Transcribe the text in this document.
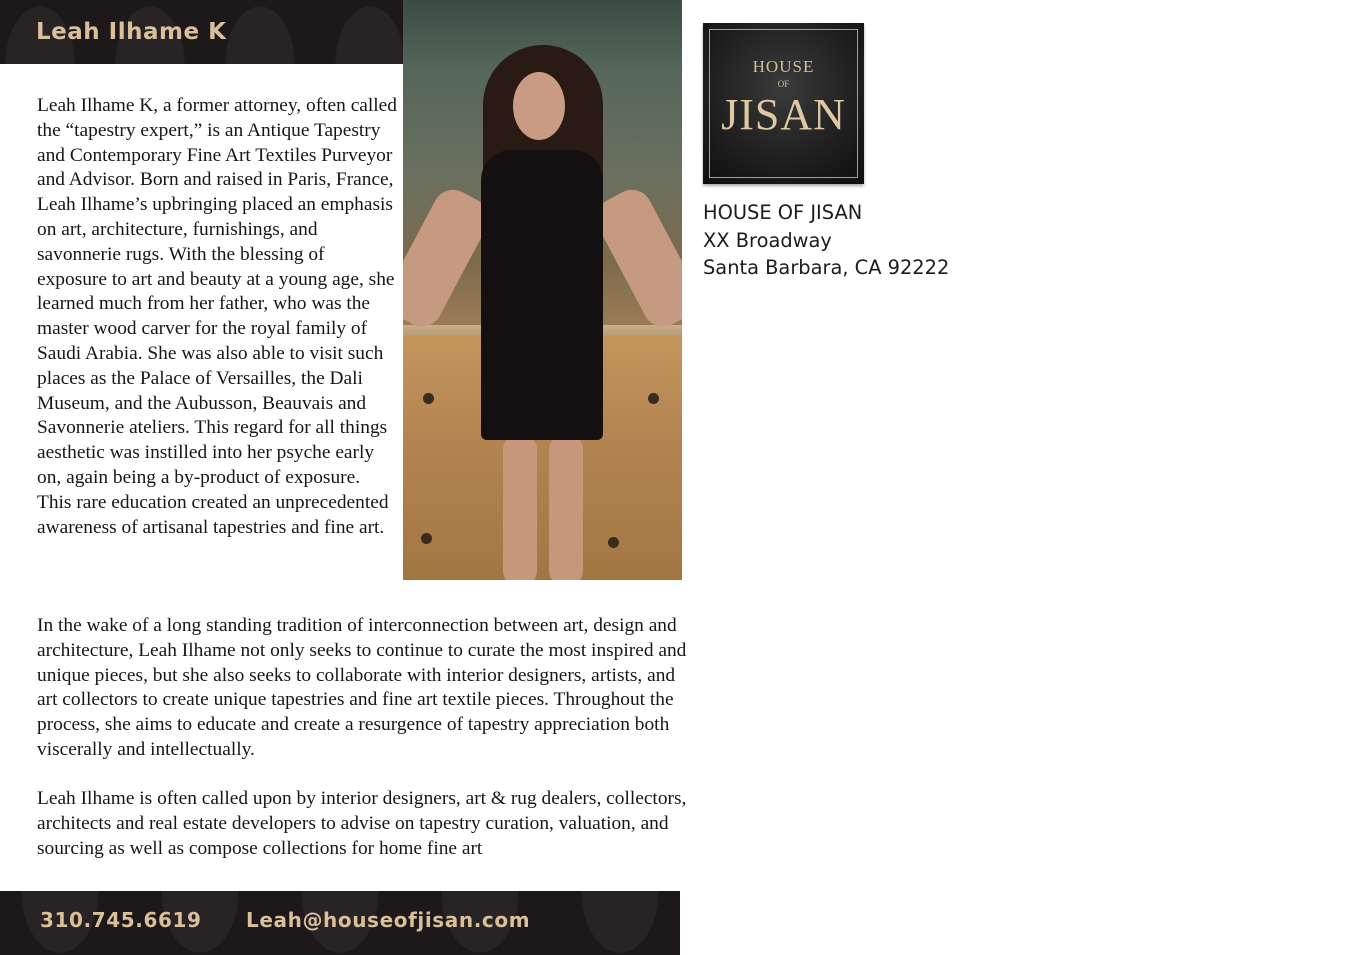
Leah Ilhame K

Leah Ilhame K, a former attorney, often called the “tapestry expert,” is an Antique Tapestry and Contemporary Fine Art Textiles Purveyor and Advisor. Born and raised in Paris, France, Leah Ilhame’s upbringing placed an emphasis on art, architecture, furnishings, and savonnerie rugs. With the blessing of exposure to art and beauty at a young age, she learned much from her father, who was the master wood carver for the royal family of Saudi Arabia. She was also able to visit such places as the Palace of Versailles, the Dali Museum, and the Aubusson, Beauvais and Savonnerie ateliers. This regard for all things aesthetic was instilled into her psyche early on, again being a by-product of exposure. This rare education created an unprecedented awareness of artisanal tapestries and fine art.

In the wake of a long standing tradition of interconnection between art, design and architecture, Leah Ilhame not only seeks to continue to curate the most inspired and unique pieces, but she also seeks to collaborate with interior designers, artists, and art collectors to create unique tapestries and fine art textile pieces. Throughout the process, she aims to educate and create a resurgence of tapestry appreciation both viscerally and intellectually.

Leah Ilhame is often called upon by interior designers, art & rug dealers, collectors, architects and real estate developers to advise on tapestry curation, valuation, and sourcing as well as compose collections for home fine art

310.745.6619 Leah@houseofjisan.com
HOUSE
OF
JISAN
HOUSE OF JISAN
XX Broadway
Santa Barbara, CA 92222
